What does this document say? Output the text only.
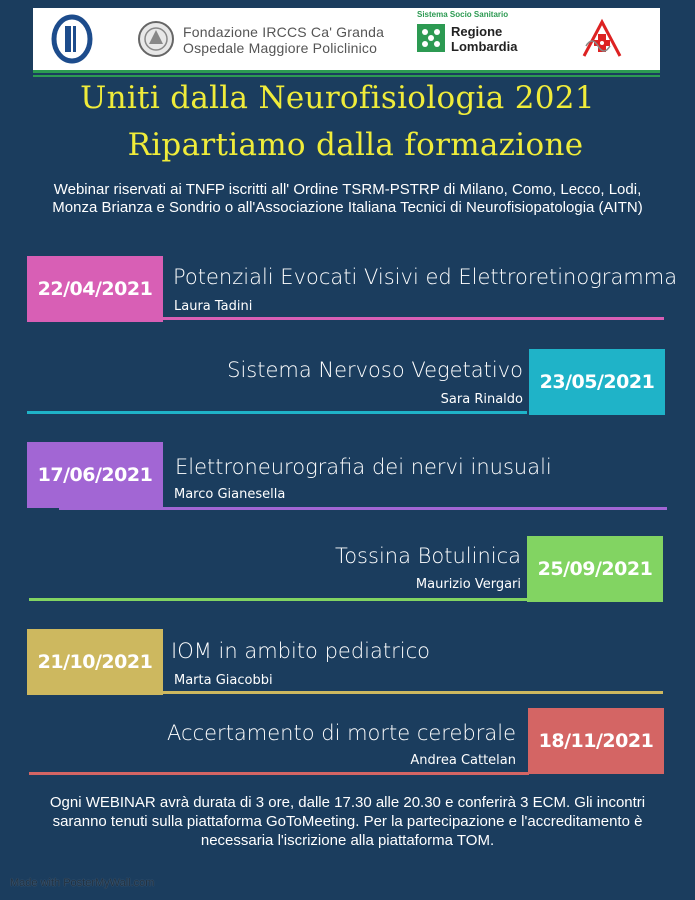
Fondazione IRCCS Ca' Granda
Ospedale Maggiore Policlinico
Sistema Socio Sanitario
Regione
Lombardia
Uniti dalla Neurofisiologia 2021
Ripartiamo dalla formazione
Webinar riservati ai TNFP iscritti all' Ordine TSRM-PSTRP di Milano, Como, Lecco, Lodi, Monza Brianza e Sondrio o all'Associazione Italiana Tecnici di Neurofisiopatologia (AITN)
22/04/2021 Potenziali Evocati Visivi ed Elettroretinogramma
Laura Tadini
Sistema Nervoso Vegetativo
Sara Rinaldo
23/05/2021
17/06/2021 Elettroneurografia dei nervi inusuali
Marco Gianesella
Tossina Botulinica
Maurizio Vergari
25/09/2021
21/10/2021 IOM in ambito pediatrico
Marta Giacobbi
Accertamento di morte cerebrale
Andrea Cattelan
18/11/2021
Ogni WEBINAR avrà durata di 3 ore, dalle 17.30 alle 20.30 e conferirà 3 ECM. Gli incontri saranno tenuti sulla piattaforma GoToMeeting. Per la partecipazione e l'accreditamento è necessaria l'iscrizione alla piattaforma TOM.
Made with PosterMyWall.com
